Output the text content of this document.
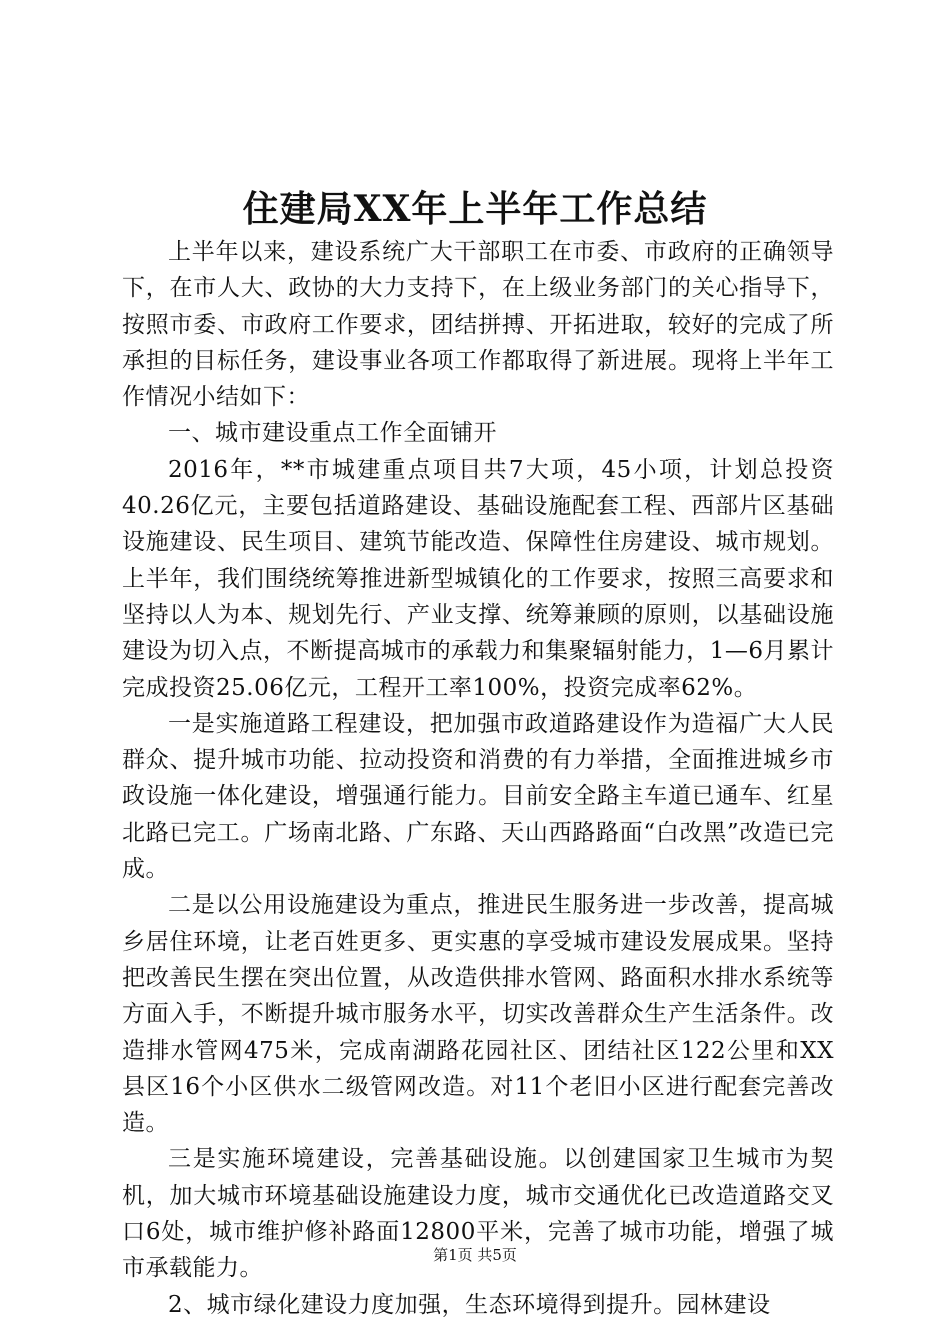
住建局XX年上半年工作总结

上半年以来，建设系统广大干部职工在市委、市政府的正确领导下，在市人大、政协的大力支持下，在上级业务部门的关心指导下，按照市委、市政府工作要求，团结拼搏、开拓进取，较好的完成了所承担的目标任务，建设事业各项工作都取得了新进展。现将上半年工作情况小结如下：

一、城市建设重点工作全面铺开

2016年，**市城建重点项目共7大项，45小项，计划总投资40.26亿元，主要包括道路建设、基础设施配套工程、西部片区基础设施建设、民生项目、建筑节能改造、保障性住房建设、城市规划。上半年，我们围绕统筹推进新型城镇化的工作要求，按照三高要求和坚持以人为本、规划先行、产业支撑、统筹兼顾的原则，以基础设施建设为切入点，不断提高城市的承载力和集聚辐射能力，1—6月累计完成投资25.06亿元，工程开工率100%，投资完成率62%。

一是实施道路工程建设，把加强市政道路建设作为造福广大人民群众、提升城市功能、拉动投资和消费的有力举措，全面推进城乡市政设施一体化建设，增强通行能力。目前安全路主车道已通车、红星北路已完工。广场南北路、广东路、天山西路路面“白改黑”改造已完成。

二是以公用设施建设为重点，推进民生服务进一步改善，提高城乡居住环境，让老百姓更多、更实惠的享受城市建设发展成果。坚持把改善民生摆在突出位置，从改造供排水管网、路面积水排水系统等方面入手，不断提升城市服务水平，切实改善群众生产生活条件。改造排水管网475米，完成南湖路花园社区、团结社区122公里和XX县区16个小区供水二级管网改造。对11个老旧小区进行配套完善改造。

三是实施环境建设，完善基础设施。以创建国家卫生城市为契机，加大城市环境基础设施建设力度，城市交通优化已改造道路交叉口6处，城市维护修补路面12800平米，完善了城市功能，增强了城市承载能力。

2、城市绿化建设力度加强，生态环境得到提升。园林建设

第1页 共5页
